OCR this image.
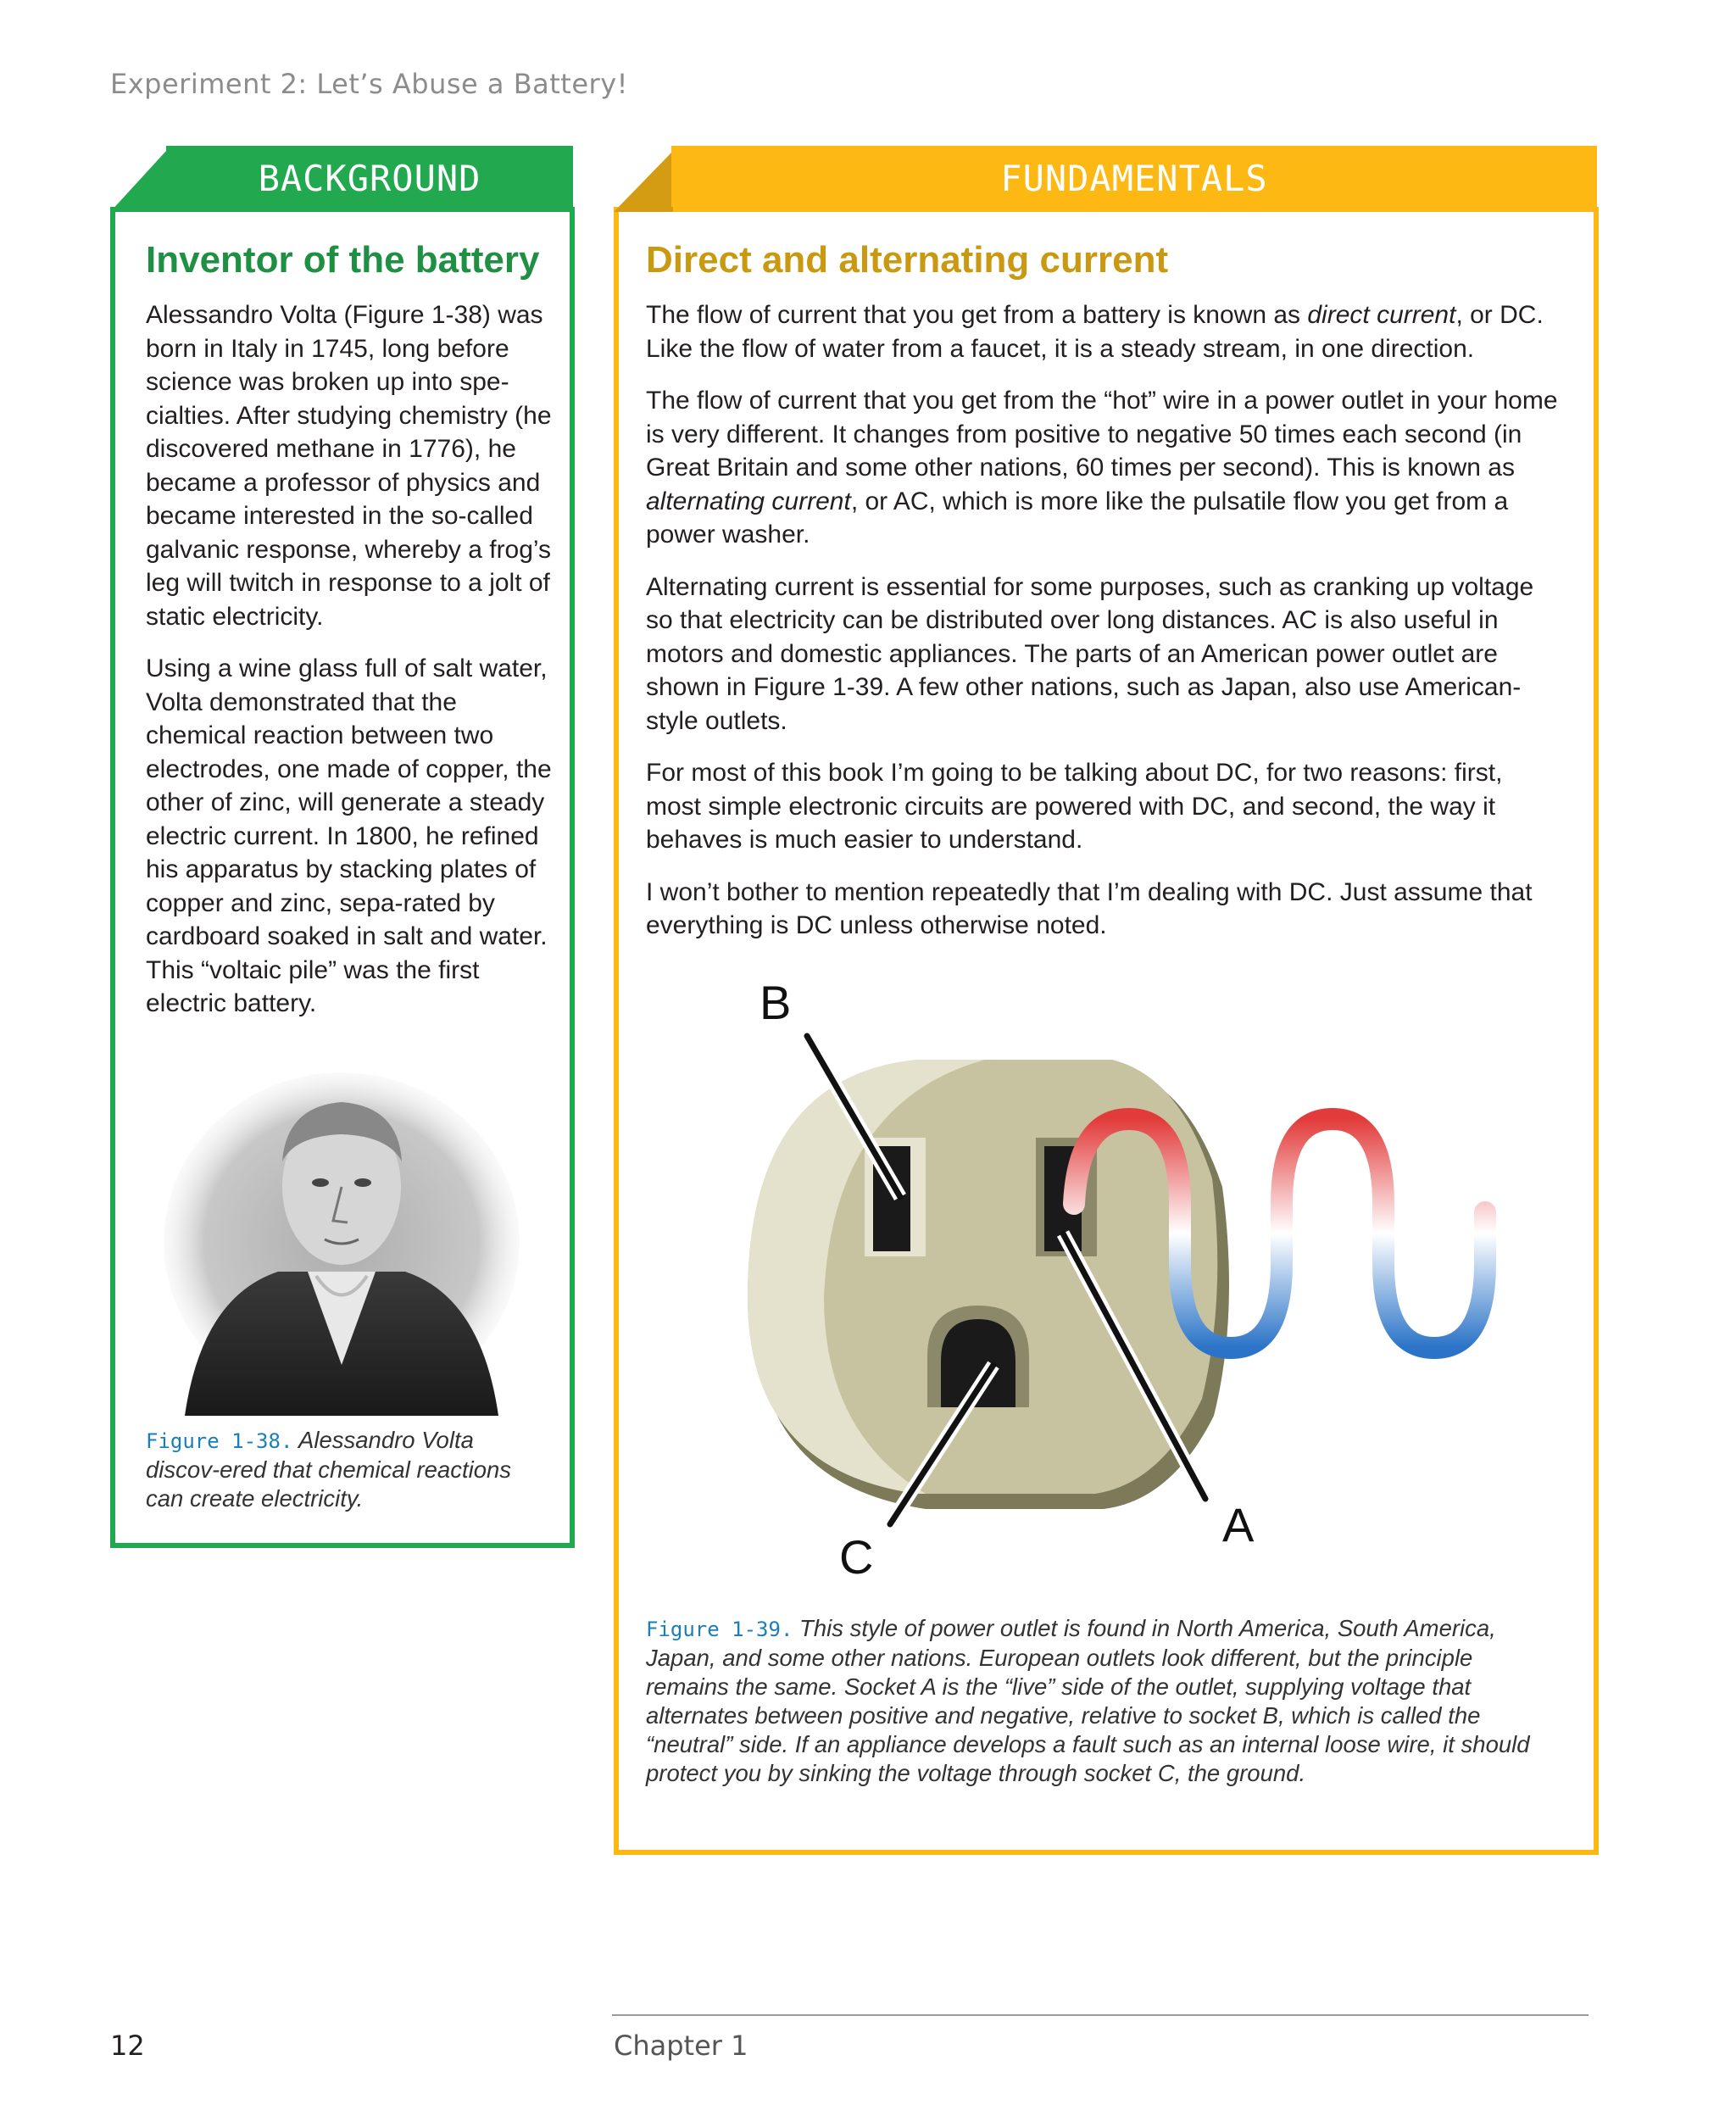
Experiment 2: Let’s Abuse a Battery!
BACKGROUND
Inventor of the battery

Alessandro Volta (Figure 1-38) was born in Italy in 1745, long before science was broken up into spe-cialties. After studying chemistry (he discovered methane in 1776), he became a professor of physics and became interested in the so-called galvanic response, whereby a frog’s leg will twitch in response to a jolt of static electricity.

Using a wine glass full of salt water, Volta demonstrated that the chemical reaction between two electrodes, one made of copper, the other of zinc, will generate a steady electric current. In 1800, he refined his apparatus by stacking plates of copper and zinc, sepa-rated by cardboard soaked in salt and water. This “voltaic pile” was the first electric battery.

Figure 1-38. Alessandro Volta discov-ered that chemical reactions can create electricity.
FUNDAMENTALS
Direct and alternating current

The flow of current that you get from a battery is known as direct current, or DC. Like the flow of water from a faucet, it is a steady stream, in one direction.

The flow of current that you get from the “hot” wire in a power outlet in your home is very different. It changes from positive to negative 50 times each second (in Great Britain and some other nations, 60 times per second). This is known as alternating current, or AC, which is more like the pulsatile flow you get from a power washer.

Alternating current is essential for some purposes, such as cranking up voltage so that electricity can be distributed over long distances. AC is also useful in motors and domestic appliances. The parts of an American power outlet are shown in Figure 1-39. A few other nations, such as Japan, also use American-style outlets.

For most of this book I’m going to be talking about DC, for two reasons: first, most simple electronic circuits are powered with DC, and second, the way it behaves is much easier to understand.

I won’t bother to mention repeatedly that I’m dealing with DC. Just assume that everything is DC unless otherwise noted.

B
A
C
Figure 1-39. This style of power outlet is found in North America, South America, Japan, and some other nations. European outlets look different, but the principle remains the same. Socket A is the “live” side of the outlet, supplying voltage that alternates between positive and negative, relative to socket B, which is called the “neutral” side. If an appliance develops a fault such as an internal loose wire, it should protect you by sinking the voltage through socket C, the ground.
12	Chapter 1
